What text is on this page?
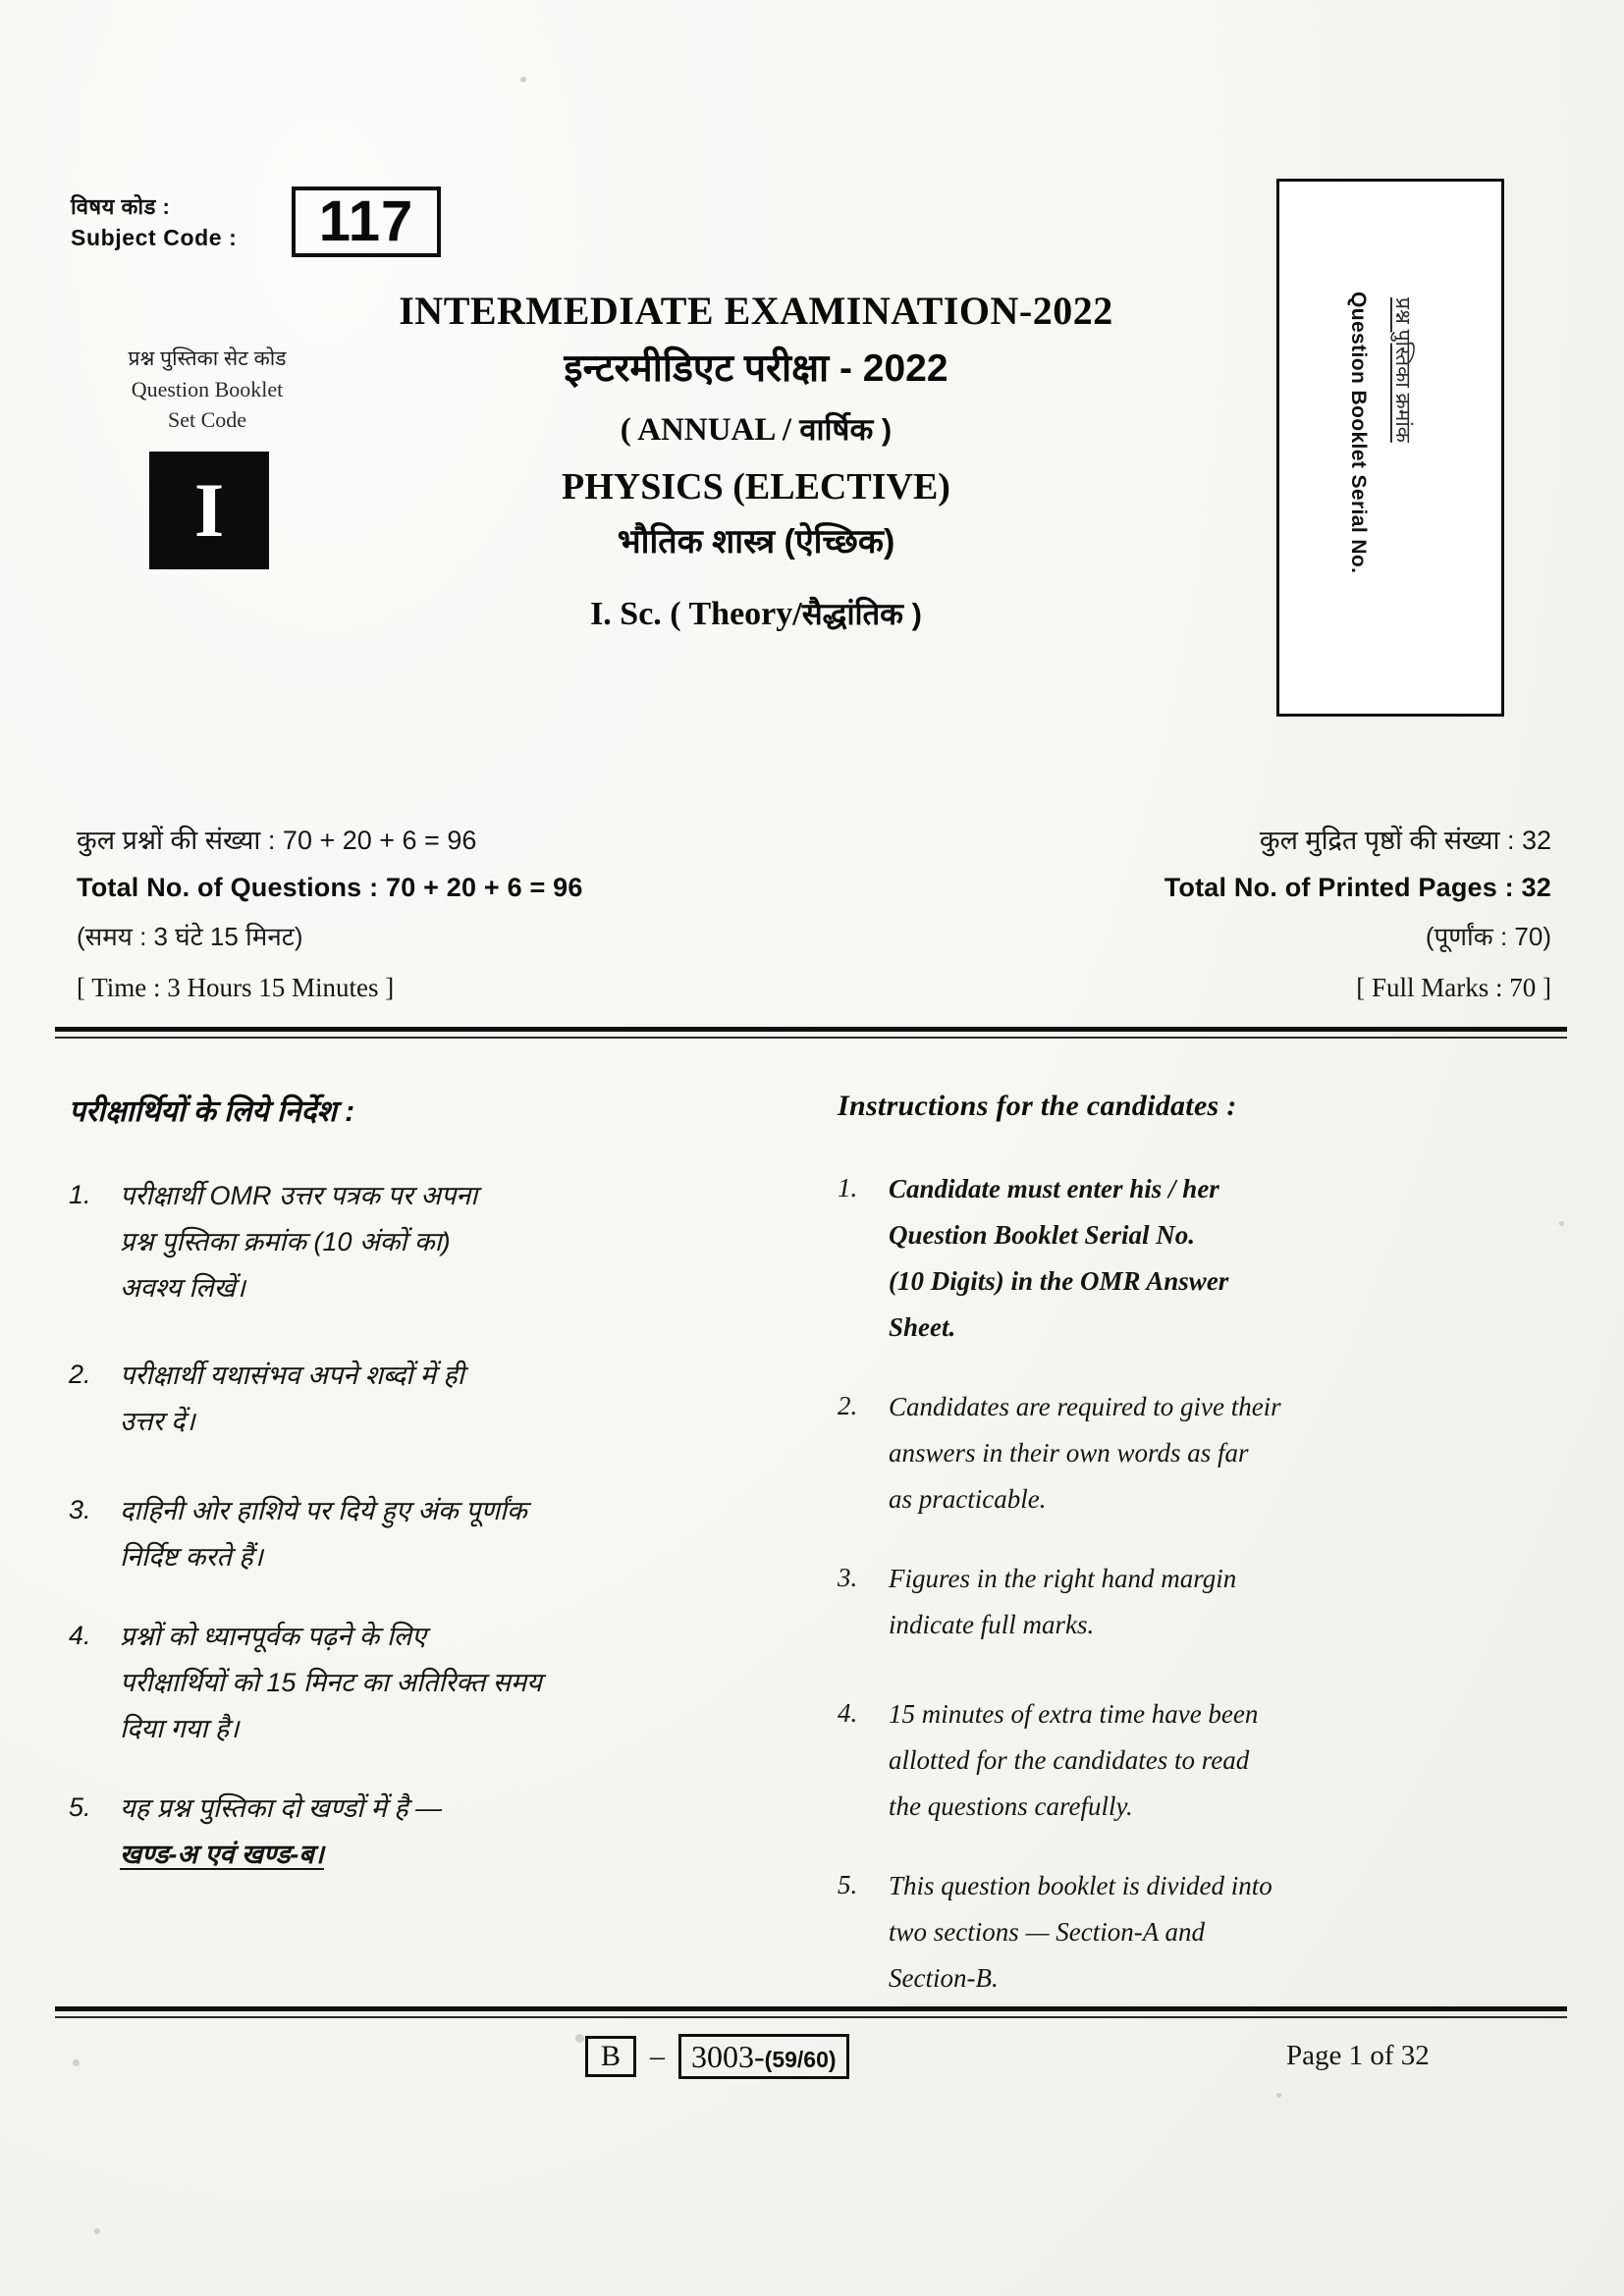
विषय कोड :
Subject Code : 117
प्रश्न पुस्तिका सेट कोड
Question Booklet
Set Code
I
INTERMEDIATE EXAMINATION-2022
इन्टरमीडिएट परीक्षा - 2022
( ANNUAL / वार्षिक )
PHYSICS (ELECTIVE)
भौतिक शास्त्र (ऐच्छिक)
I. Sc. ( Theory/सैद्धांतिक )
Question Booklet Serial No. प्रश्न पुस्तिका क्रमांक
कुल प्रश्नों की संख्या : 70 + 20 + 6 = 96
Total No. of Questions : 70 + 20 + 6 = 96
(समय : 3 घंटे 15 मिनट)
[ Time : 3 Hours 15 Minutes ]
कुल मुद्रित पृष्ठों की संख्या : 32
Total No. of Printed Pages : 32
(पूर्णांक : 70)
[ Full Marks : 70 ]
परीक्षार्थियों के लिये निर्देश :
1.	परीक्षार्थी OMR उत्तर पत्रक पर अपना
प्रश्न पुस्तिका क्रमांक (10 अंकों का)
अवश्य लिखें।
2.	परीक्षार्थी यथासंभव अपने शब्दों में ही
उत्तर दें।
3.	दाहिनी ओर हाशिये पर दिये हुए अंक पूर्णांक
निर्दिष्ट करते हैं।
4.	प्रश्नों को ध्यानपूर्वक पढ़ने के लिए
परीक्षार्थियों को 15 मिनट का अतिरिक्त समय
दिया गया है।
5.	यह प्रश्न पुस्तिका दो खण्डों में है —
खण्ड-अ एवं खण्ड-ब।
Instructions for the candidates :
1.	Candidate must enter his / her
Question Booklet Serial No.
(10 Digits) in the OMR Answer
Sheet.
2.	Candidates are required to give their
answers in their own words as far
as practicable.
3.	Figures in the right hand margin
indicate full marks.
4.	15 minutes of extra time have been
allotted for the candidates to read
the questions carefully.
5.	This question booklet is divided into
two sections — Section-A and
Section-B.
B – 3003- (59/60)	Page 1 of 32
